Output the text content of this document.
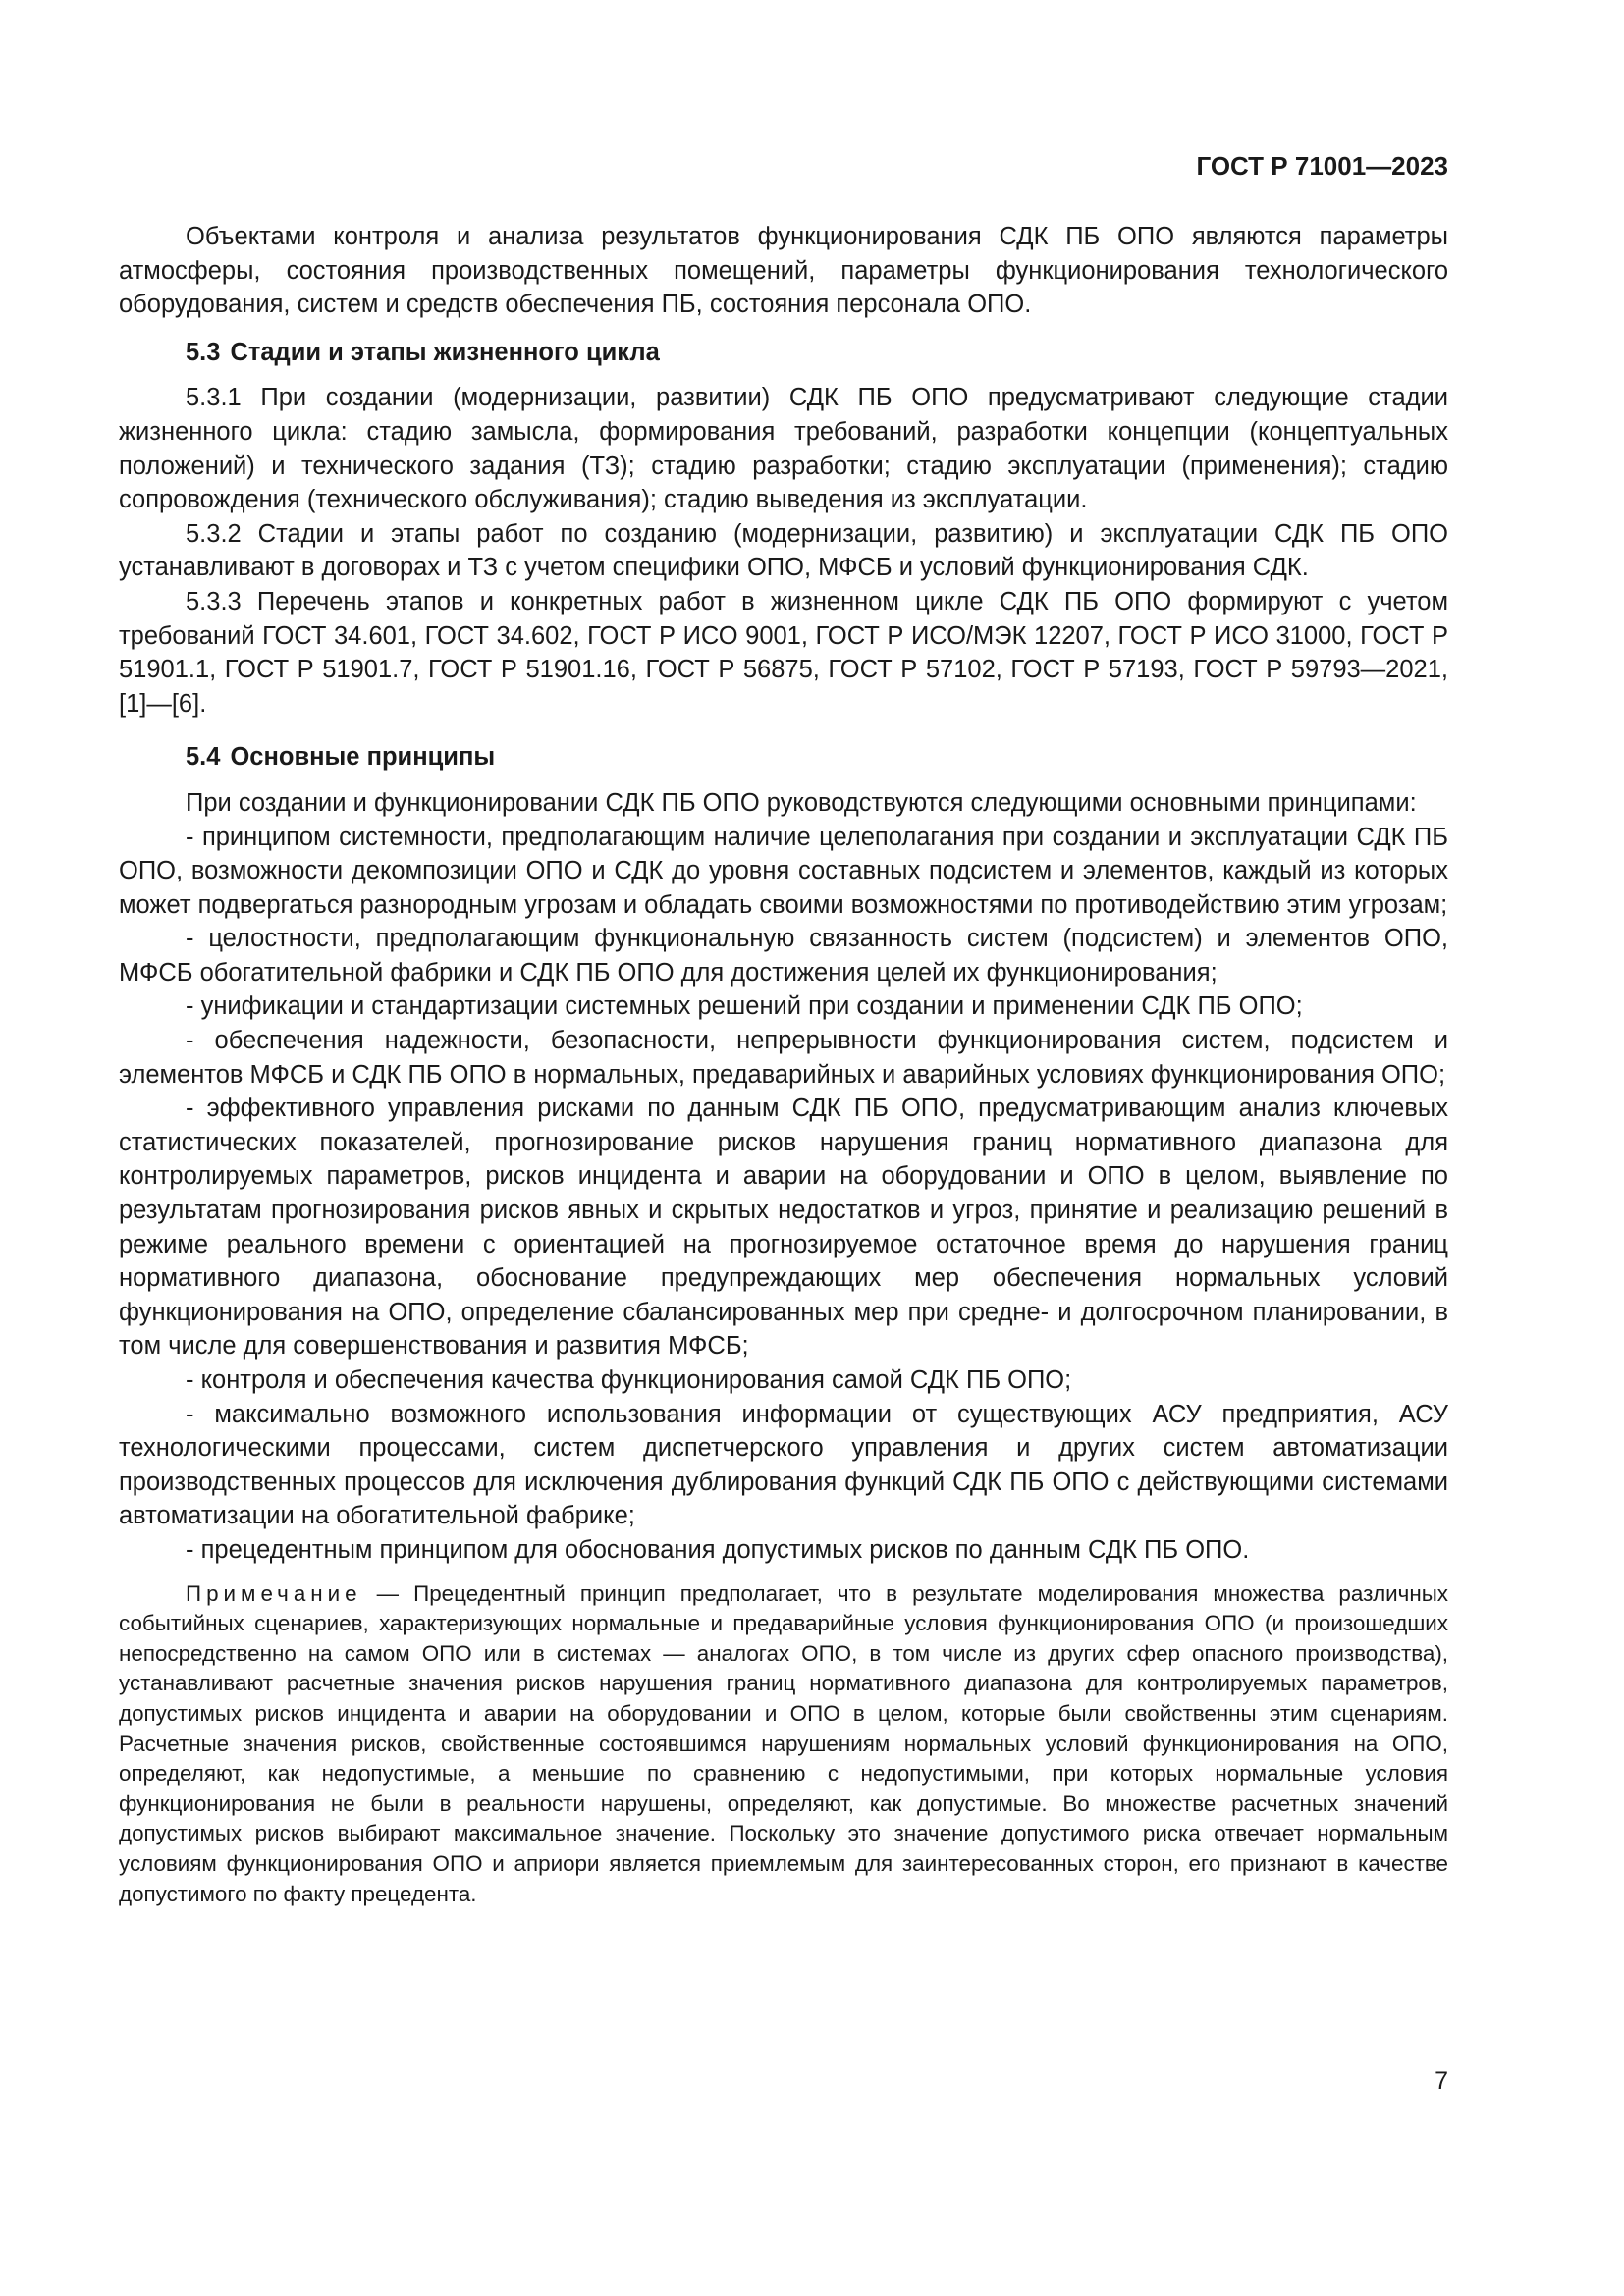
ГОСТ Р 71001—2023

Объектами контроля и анализа результатов функционирования СДК ПБ ОПО являются параметры атмосферы, состояния производственных помещений, параметры функционирования технологического оборудования, систем и средств обеспечения ПБ, состояния персонала ОПО.

5.3 Стадии и этапы жизненного цикла

5.3.1 При создании (модернизации, развитии) СДК ПБ ОПО предусматривают следующие стадии жизненного цикла: стадию замысла, формирования требований, разработки концепции (концептуальных положений) и технического задания (ТЗ); стадию разработки; стадию эксплуатации (применения); стадию сопровождения (технического обслуживания); стадию выведения из эксплуатации.

5.3.2 Стадии и этапы работ по созданию (модернизации, развитию) и эксплуатации СДК ПБ ОПО устанавливают в договорах и ТЗ с учетом специфики ОПО, МФСБ и условий функционирования СДК.

5.3.3 Перечень этапов и конкретных работ в жизненном цикле СДК ПБ ОПО формируют с учетом требований ГОСТ 34.601, ГОСТ 34.602, ГОСТ Р ИСО 9001, ГОСТ Р ИСО/МЭК 12207, ГОСТ Р ИСО 31000, ГОСТ Р 51901.1, ГОСТ Р 51901.7, ГОСТ Р 51901.16, ГОСТ Р 56875, ГОСТ Р 57102, ГОСТ Р 57193, ГОСТ Р 59793—2021, [1]—[6].

5.4 Основные принципы

При создании и функционировании СДК ПБ ОПО руководствуются следующими основными принципами:

- принципом системности, предполагающим наличие целеполагания при создании и эксплуатации СДК ПБ ОПО, возможности декомпозиции ОПО и СДК до уровня составных подсистем и элементов, каждый из которых может подвергаться разнородным угрозам и обладать своими возможностями по противодействию этим угрозам;

- целостности, предполагающим функциональную связанность систем (подсистем) и элементов ОПО, МФСБ обогатительной фабрики и СДК ПБ ОПО для достижения целей их функционирования;

- унификации и стандартизации системных решений при создании и применении СДК ПБ ОПО;

- обеспечения надежности, безопасности, непрерывности функционирования систем, подсистем и элементов МФСБ и СДК ПБ ОПО в нормальных, предаварийных и аварийных условиях функционирования ОПО;

- эффективного управления рисками по данным СДК ПБ ОПО, предусматривающим анализ ключевых статистических показателей, прогнозирование рисков нарушения границ нормативного диапазона для контролируемых параметров, рисков инцидента и аварии на оборудовании и ОПО в целом, выявление по результатам прогнозирования рисков явных и скрытых недостатков и угроз, принятие и реализацию решений в режиме реального времени с ориентацией на прогнозируемое остаточное время до нарушения границ нормативного диапазона, обоснование предупреждающих мер обеспечения нормальных условий функционирования на ОПО, определение сбалансированных мер при средне- и долгосрочном планировании, в том числе для совершенствования и развития МФСБ;

- контроля и обеспечения качества функционирования самой СДК ПБ ОПО;

- максимально возможного использования информации от существующих АСУ предприятия, АСУ технологическими процессами, систем диспетчерского управления и других систем автоматизации производственных процессов для исключения дублирования функций СДК ПБ ОПО с действующими системами автоматизации на обогатительной фабрике;

- прецедентным принципом для обоснования допустимых рисков по данным СДК ПБ ОПО.

Примечание — Прецедентный принцип предполагает, что в результате моделирования множества различных событийных сценариев, характеризующих нормальные и предаварийные условия функционирования ОПО (и произошедших непосредственно на самом ОПО или в системах — аналогах ОПО, в том числе из других сфер опасного производства), устанавливают расчетные значения рисков нарушения границ нормативного диапазона для контролируемых параметров, допустимых рисков инцидента и аварии на оборудовании и ОПО в целом, которые были свойственны этим сценариям. Расчетные значения рисков, свойственные состоявшимся нарушениям нормальных условий функционирования на ОПО, определяют, как недопустимые, а меньшие по сравнению с недопустимыми, при которых нормальные условия функционирования не были в реальности нарушены, определяют, как допустимые. Во множестве расчетных значений допустимых рисков выбирают максимальное значение. Поскольку это значение допустимого риска отвечает нормальным условиям функционирования ОПО и априори является приемлемым для заинтересованных сторон, его признают в качестве допустимого по факту прецедента.

7
